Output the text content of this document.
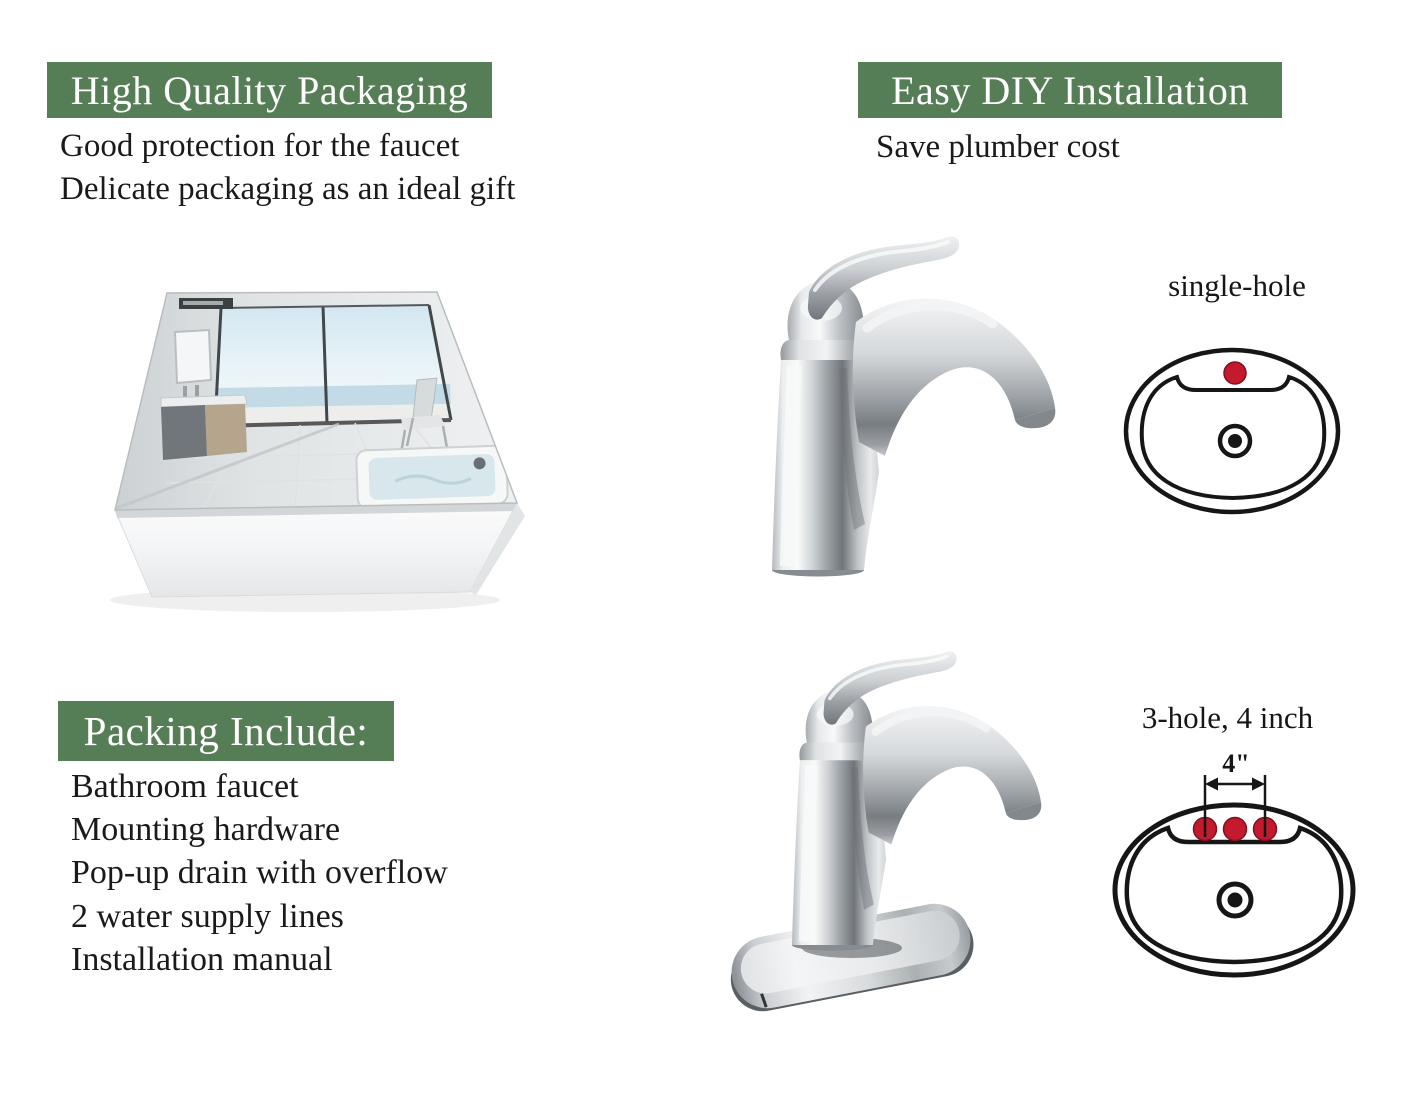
High Quality Packaging
Good protection for the faucet
Delicate packaging as an ideal gift
Packing Include:
Bathroom faucet
Mounting hardware
Pop-up drain with overflow
2 water supply lines
Installation manual
Easy DIY Installation
Save plumber cost
single-hole
3-hole, 4 inch
4"
